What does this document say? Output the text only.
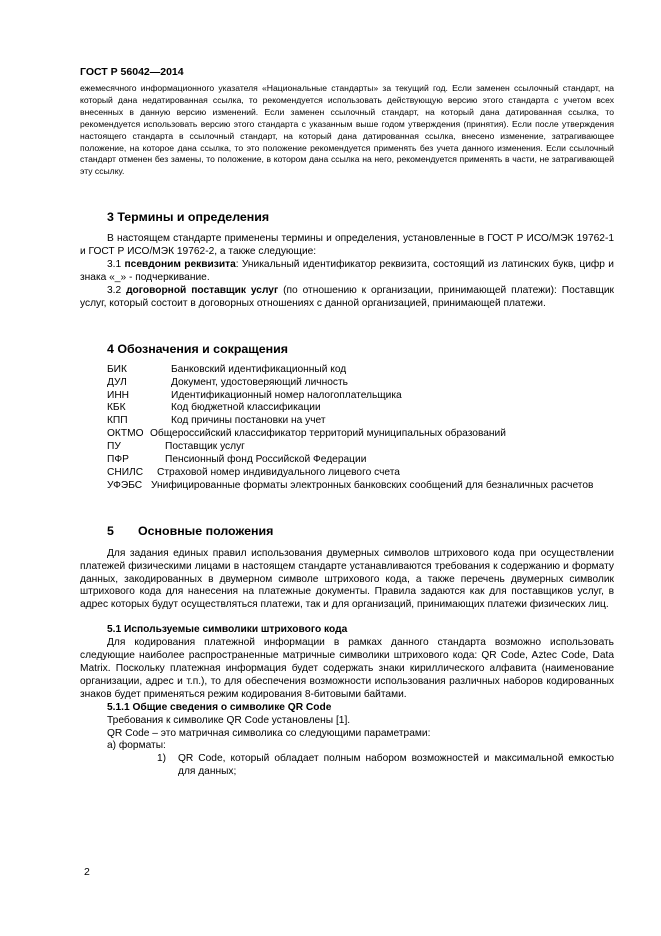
ГОСТ Р 56042—2014

ежемесячного информационного указателя «Национальные стандарты» за текущий год. Если заменен ссылочный стандарт, на который дана недатированная ссылка, то рекомендуется использовать действующую версию этого стандарта с учетом всех внесенных в данную версию изменений. Если заменен ссылочный стандарт, на который дана датированная ссылка, то рекомендуется использовать версию этого стандарта с указанным выше годом утверждения (принятия). Если после утверждения настоящего стандарта в ссылочный стандарт, на который дана датированная ссылка, внесено изменение, затрагивающее положение, на которое дана ссылка, то это положение рекомендуется применять без учета данного изменения. Если ссылочный стандарт отменен без замены, то положение, в котором дана ссылка на него, рекомендуется применять в части, не затрагивающей эту ссылку.

3 Термины и определения

В настоящем стандарте применены термины и определения, установленные в ГОСТ Р ИСО/МЭК 19762-1 и ГОСТ Р ИСО/МЭК 19762-2, а также следующие:

3.1 псевдоним реквизита: Уникальный идентификатор реквизита, состоящий из латинских букв, цифр и знака «_» - подчеркивание.

3.2 договорной поставщик услуг (по отношению к организации, принимающей платежи): Поставщик услуг, который состоит в договорных отношениях с данной организацией, принимающей платежи.

4 Обозначения и сокращения
БИК	Банковский идентификационный код
ДУЛ	Документ, удостоверяющий личность
ИНН	Идентификационный номер налогоплательщика
КБК	Код бюджетной классификации
КПП	Код причины постановки на учет
ОКТМО Общероссийский классификатор территорий муниципальных образований
ПУ	Поставщик услуг
ПФР	Пенсионный фонд Российской Федерации
СНИЛС	Страховой номер индивидуального лицевого счета

УФЭБС Унифицированные форматы электронных банковских сообщений для безналичных расчетов

5 Основные положения

Для задания единых правил использования двумерных символов штрихового кода при осуществлении платежей физическими лицами в настоящем стандарте устанавливаются требования к содержанию и формату данных, закодированных в двумерном символе штрихового кода, а также перечень двумерных символик штрихового кода для нанесения на платежные документы. Правила задаются как для поставщиков услуг, в адрес которых будут осуществляться платежи, так и для организаций, принимающих платежи физических лиц.

5.1 Используемые символики штрихового кода

Для кодирования платежной информации в рамках данного стандарта возможно использовать следующие наиболее распространенные матричные символики штрихового кода: QR Code, Aztec Code, Data Matrix. Поскольку платежная информация будет содержать знаки кириллического алфавита (наименование организации, адрес и т.п.), то для обеспечения возможности использования различных наборов кодированных знаков будет применяться режим кодирования 8-битовыми байтами.

5.1.1 Общие сведения о символике QR Code

Требования к символике QR Code установлены [1].

QR Code – это матричная символика со следующими параметрами:

а) форматы:

1)	QR Code, который обладает полным набором возможностей и максимальной емкостью для данных;

2
